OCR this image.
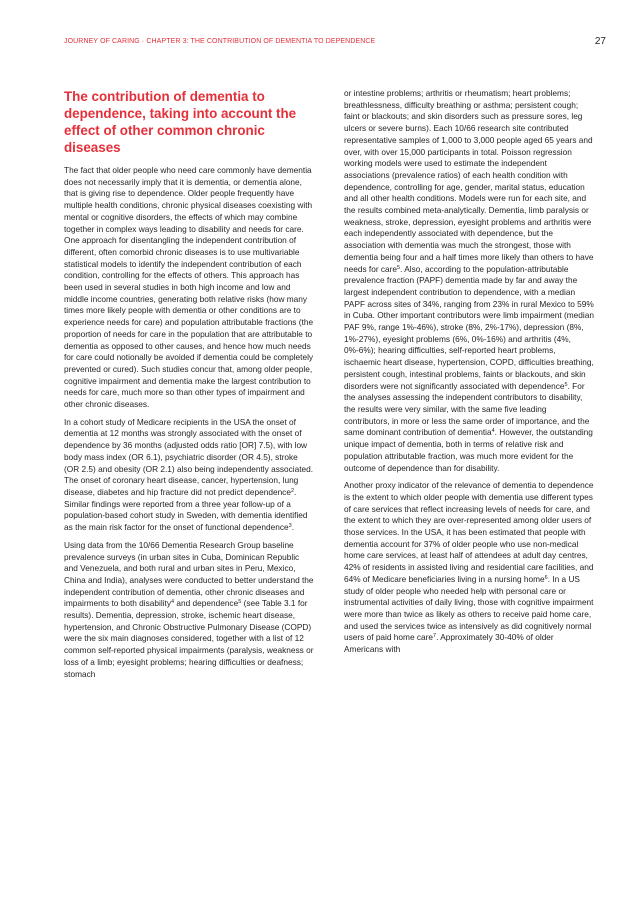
JOURNEY OF CARING · CHAPTER 3: THE CONTRIBUTION OF DEMENTIA TO DEPENDENCE	27
The contribution of dementia to dependence, taking into account the effect of other common chronic diseases

The fact that older people who need care commonly have dementia does not necessarily imply that it is dementia, or dementia alone, that is giving rise to dependence. Older people frequently have multiple health conditions, chronic physical diseases coexisting with mental or cognitive disorders, the effects of which may combine together in complex ways leading to disability and needs for care. One approach for disentangling the independent contribution of different, often comorbid chronic diseases is to use multivariable statistical models to identify the independent contribution of each condition, controlling for the effects of others. This approach has been used in several studies in both high income and low and middle income countries, generating both relative risks (how many times more likely people with dementia or other conditions are to experience needs for care) and population attributable fractions (the proportion of needs for care in the population that are attributable to dementia as opposed to other causes, and hence how much needs for care could notionally be avoided if dementia could be completely prevented or cured). Such studies concur that, among older people, cognitive impairment and dementia make the largest contribution to needs for care, much more so than other types of impairment and other chronic diseases.

In a cohort study of Medicare recipients in the USA the onset of dementia at 12 months was strongly associated with the onset of dependence by 36 months (adjusted odds ratio [OR] 7.5), with low body mass index (OR 6.1), psychiatric disorder (OR 4.5), stroke (OR 2.5) and obesity (OR 2.1) also being independently associated. The onset of coronary heart disease, cancer, hypertension, lung disease, diabetes and hip fracture did not predict dependence$^2$. Similar findings were reported from a three year follow-up of a population-based cohort study in Sweden, with dementia identified as the main risk factor for the onset of functional dependence$^3$.

Using data from the 10/66 Dementia Research Group baseline prevalence surveys (in urban sites in Cuba, Dominican Republic and Venezuela, and both rural and urban sites in Peru, Mexico, China and India), analyses were conducted to better understand the independent contribution of dementia, other chronic diseases and impairments to both disability$^4$ and dependence$^5$ (see Table 3.1 for results). Dementia, depression, stroke, ischemic heart disease, hypertension, and Chronic Obstructive Pulmonary Disease (COPD) were the six main diagnoses considered, together with a list of 12 common self-reported physical impairments (paralysis, weakness or loss of a limb; eyesight problems; hearing difficulties or deafness; stomach

or intestine problems; arthritis or rheumatism; heart problems; breathlessness, difficulty breathing or asthma; persistent cough; faint or blackouts; and skin disorders such as pressure sores, leg ulcers or severe burns). Each 10/66 research site contributed representative samples of 1,000 to 3,000 people aged 65 years and over, with over 15,000 participants in total. Poisson regression working models were used to estimate the independent associations (prevalence ratios) of each health condition with dependence, controlling for age, gender, marital status, education and all other health conditions. Models were run for each site, and the results combined meta-analytically. Dementia, limb paralysis or weakness, stroke, depression, eyesight problems and arthritis were each independently associated with dependence, but the association with dementia was much the strongest, those with dementia being four and a half times more likely than others to have needs for care$^5$. Also, according to the population-attributable prevalence fraction (PAPF) dementia made by far and away the largest independent contribution to dependence, with a median PAPF across sites of 34%, ranging from 23% in rural Mexico to 59% in Cuba. Other important contributors were limb impairment (median PAF 9%, range 1%-46%), stroke (8%, 2%-17%), depression (8%, 1%-27%), eyesight problems (6%, 0%-16%) and arthritis (4%, 0%-6%); hearing difficulties, self-reported heart problems, ischaemic heart disease, hypertension, COPD, difficulties breathing, persistent cough, intestinal problems, faints or blackouts, and skin disorders were not significantly associated with dependence$^5$. For the analyses assessing the independent contributors to disability, the results were very similar, with the same five leading contributors, in more or less the same order of importance, and the same dominant contribution of dementia$^4$. However, the outstanding unique impact of dementia, both in terms of relative risk and population attributable fraction, was much more evident for the outcome of dependence than for disability.

Another proxy indicator of the relevance of dementia to dependence is the extent to which older people with dementia use different types of care services that reflect increasing levels of needs for care, and the extent to which they are over-represented among older users of those services. In the USA, it has been estimated that people with dementia account for 37% of older people who use non-medical home care services, at least half of attendees at adult day centres, 42% of residents in assisted living and residential care facilities, and 64% of Medicare beneficiaries living in a nursing home$^6$. In a US study of older people who needed help with personal care or instrumental activities of daily living, those with cognitive impairment were more than twice as likely as others to receive paid home care, and used the services twice as intensively as did cognitively normal users of paid home care$^7$. Approximately 30-40% of older Americans with
